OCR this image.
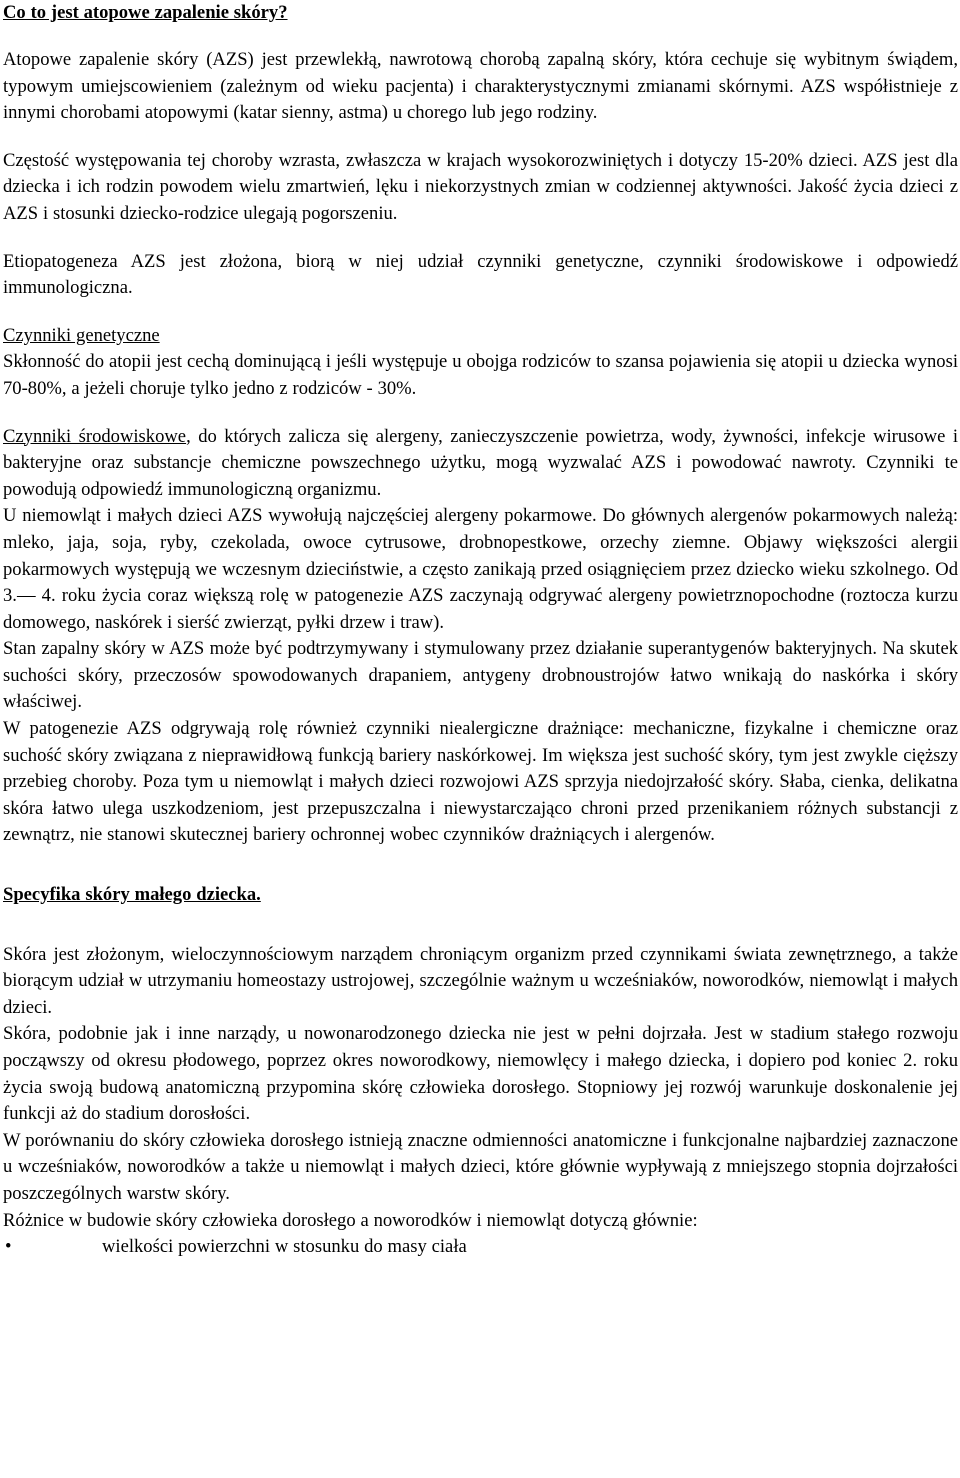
Co to jest atopowe zapalenie skóry?

Atopowe zapalenie skóry (AZS) jest przewlekłą, nawrotową chorobą zapalną skóry, która cechuje się wybitnym świądem, typowym umiejscowieniem (zależnym od wieku pacjenta) i charakterystycznymi zmianami skórnymi. AZS współistnieje z innymi chorobami atopowymi (katar sienny, astma) u chorego lub jego rodziny.

Częstość występowania tej choroby wzrasta, zwłaszcza w krajach wysokorozwiniętych i dotyczy 15-20% dzieci. AZS jest dla dziecka i ich rodzin powodem wielu zmartwień, lęku i niekorzystnych zmian w codziennej aktywności. Jakość życia dzieci z AZS i stosunki dziecko-rodzice ulegają pogorszeniu.

Etiopatogeneza AZS jest złożona, biorą w niej udział czynniki genetyczne, czynniki środowiskowe i odpowiedź immunologiczna.

Czynniki genetyczne

Skłonność do atopii jest cechą dominującą i jeśli występuje u obojga rodziców to szansa pojawienia się atopii u dziecka wynosi 70-80%, a jeżeli choruje tylko jedno z rodziców - 30%.

Czynniki środowiskowe, do których zalicza się alergeny, zanieczyszczenie powietrza, wody, żywności, infekcje wirusowe i bakteryjne oraz substancje chemiczne powszechnego użytku, mogą wyzwalać AZS i powodować nawroty. Czynniki te powodują odpowiedź immunologiczną organizmu.

U niemowląt i małych dzieci AZS wywołują najczęściej alergeny pokarmowe. Do głównych alergenów pokarmowych należą: mleko, jaja, soja, ryby, czekolada, owoce cytrusowe, drobnopestkowe, orzechy ziemne. Objawy większości alergii pokarmowych występują we wczesnym dzieciństwie, a często zanikają przed osiągnięciem przez dziecko wieku szkolnego. Od 3.— 4. roku życia coraz większą rolę w patogenezie AZS zaczynają odgrywać alergeny powietrznopochodne (roztocza kurzu domowego, naskórek i sierść zwierząt, pyłki drzew i traw).

Stan zapalny skóry w AZS może być podtrzymywany i stymulowany przez działanie superantygenów bakteryjnych. Na skutek suchości skóry, przeczosów spowodowanych drapaniem, antygeny drobnoustrojów łatwo wnikają do naskórka i skóry właściwej.

W patogenezie AZS odgrywają rolę również czynniki niealergiczne drażniące: mechaniczne, fizykalne i chemiczne oraz suchość skóry związana z nieprawidłową funkcją bariery naskórkowej. Im większa jest suchość skóry, tym jest zwykle cięższy przebieg choroby. Poza tym u niemowląt i małych dzieci rozwojowi AZS sprzyja niedojrzałość skóry. Słaba, cienka, delikatna skóra łatwo ulega uszkodzeniom, jest przepuszczalna i niewystarczająco chroni przed przenikaniem różnych substancji z zewnątrz, nie stanowi skutecznej bariery ochronnej wobec czynników drażniących i alergenów.

Specyfika skóry małego dziecka.

Skóra jest złożonym, wieloczynnościowym narządem chroniącym organizm przed czynnikami świata zewnętrznego, a także biorącym udział w utrzymaniu homeostazy ustrojowej, szczególnie ważnym u wcześniaków, noworodków, niemowląt i małych dzieci.

Skóra, podobnie jak i inne narządy, u nowonarodzonego dziecka nie jest w pełni dojrzała. Jest w stadium stałego rozwoju począwszy od okresu płodowego, poprzez okres noworodkowy, niemowlęcy i małego dziecka, i dopiero pod koniec 2. roku życia swoją budową anatomiczną przypomina skórę człowieka dorosłego. Stopniowy jej rozwój warunkuje doskonalenie jej funkcji aż do stadium dorosłości.

W porównaniu do skóry człowieka dorosłego istnieją znaczne odmienności anatomiczne i funkcjonalne najbardziej zaznaczone u wcześniaków, noworodków a także u niemowląt i małych dzieci, które głównie wypływają z mniejszego stopnia dojrzałości poszczególnych warstw skóry.

Różnice w budowie skóry człowieka dorosłego a noworodków i niemowląt dotyczą głównie:

•	wielkości powierzchni w stosunku do masy ciała
